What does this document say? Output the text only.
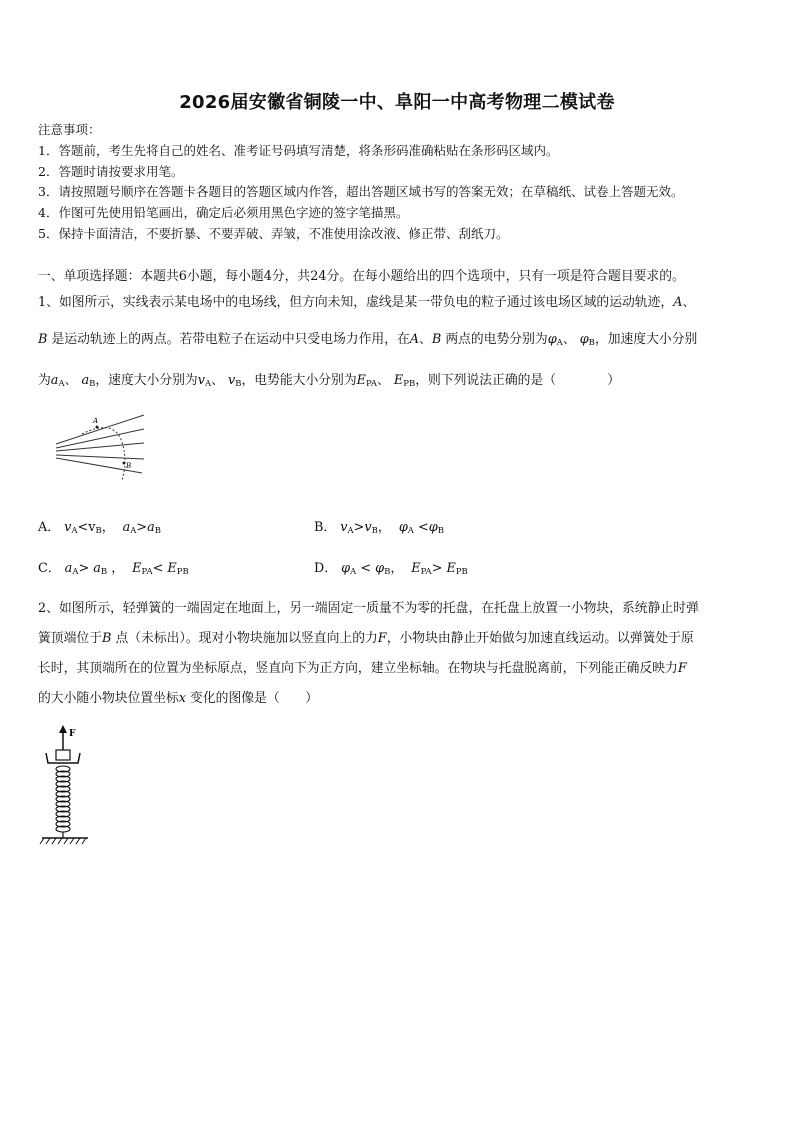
2026届安徽省铜陵一中、阜阳一中高考物理二模试卷
注意事项：
1．答题前，考生先将自己的姓名、准考证号码填写清楚，将条形码准确粘贴在条形码区域内。
2．答题时请按要求用笔。
3．请按照题号顺序在答题卡各题目的答题区域内作答，超出答题区域书写的答案无效；在草稿纸、试卷上答题无效。
4．作图可先使用铅笔画出，确定后必须用黑色字迹的签字笔描黑。
5．保持卡面清洁，不要折暴、不要弄破、弄皱，不准使用涂改液、修正带、刮纸刀。
一、单项选择题：本题共6小题，每小题4分，共24分。在每小题给出的四个选项中，只有一项是符合题目要求的。
1、如图所示，实线表示某电场中的电场线，但方向未知，虚线是某一带负电的粒子通过该电场区域的运动轨迹，A、
B 是运动轨迹上的两点。若带电粒子在运动中只受电场力作用，在A、B 两点的电势分别为$\varphi_A$、 $\varphi_B$，加速度大小分别
为$a_A$、 $a_B$，速度大小分别为$v_A$、 $v_B$，电势能大小分别为$E_{PA}$、 $E_{PB}$，则下列说法正确的是（　　　　）
A
B
A． $v_A<v_B$，  $a_A>a_B$	B． $v_A>v_B$，  $\varphi_A <\varphi_B$
C． $a_A> a_B$ ，  $E_{PA}< E_{PB}$	D． $\varphi_A < \varphi_B$，  $E_{PA}> E_{PB}$
2、如图所示，轻弹簧的一端固定在地面上，另一端固定一质量不为零的托盘，在托盘上放置一小物块，系统静止时弹
簧顶端位于B 点（未标出）。现对小物块施加以竖直向上的力F，小物块由静止开始做匀加速直线运动。以弹簧处于原
长时，其顶端所在的位置为坐标原点，竖直向下为正方向，建立坐标轴。在物块与托盘脱离前，下列能正确反映力F
的大小随小物块位置坐标x 变化的图像是（　　）
F
